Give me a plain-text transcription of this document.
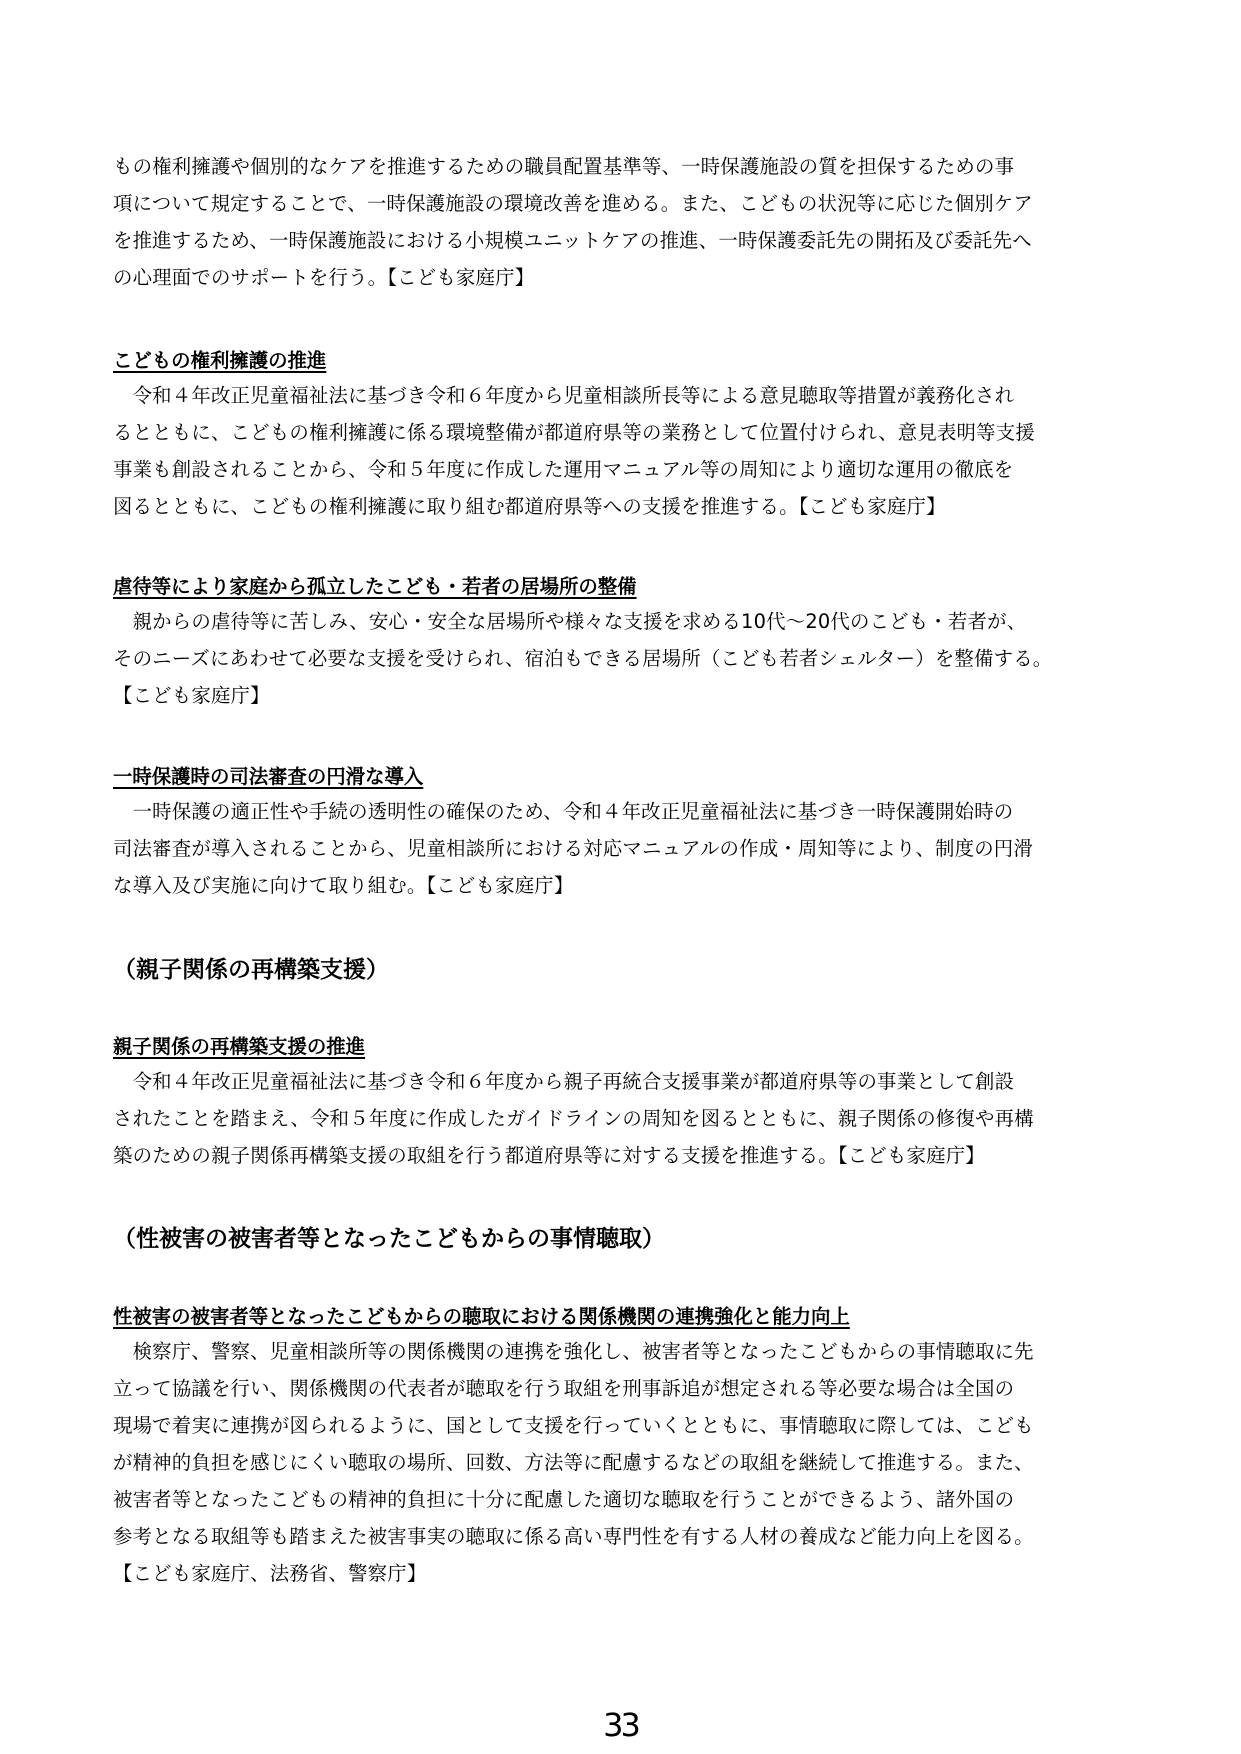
もの権利擁護や個別的なケアを推進するための職員配置基準等、一時保護施設の質を担保するための事
項について規定することで、一時保護施設の環境改善を進める。また、こどもの状況等に応じた個別ケア
を推進するため、一時保護施設における小規模ユニットケアの推進、一時保護委託先の開拓及び委託先へ
の心理面でのサポートを行う。【こども家庭庁】

こどもの権利擁護の推進

　令和４年改正児童福祉法に基づき令和６年度から児童相談所長等による意見聴取等措置が義務化され
るとともに、こどもの権利擁護に係る環境整備が都道府県等の業務として位置付けられ、意見表明等支援
事業も創設されることから、令和５年度に作成した運用マニュアル等の周知により適切な運用の徹底を
図るとともに、こどもの権利擁護に取り組む都道府県等への支援を推進する。【こども家庭庁】

虐待等により家庭から孤立したこども・若者の居場所の整備

　親からの虐待等に苦しみ、安心・安全な居場所や様々な支援を求める10代〜20代のこども・若者が、
そのニーズにあわせて必要な支援を受けられ、宿泊もできる居場所（こども若者シェルター）を整備する。
【こども家庭庁】

一時保護時の司法審査の円滑な導入

　一時保護の適正性や手続の透明性の確保のため、令和４年改正児童福祉法に基づき一時保護開始時の
司法審査が導入されることから、児童相談所における対応マニュアルの作成・周知等により、制度の円滑
な導入及び実施に向けて取り組む。【こども家庭庁】

（親子関係の再構築支援）
親子関係の再構築支援の推進

　令和４年改正児童福祉法に基づき令和６年度から親子再統合支援事業が都道府県等の事業として創設
されたことを踏まえ、令和５年度に作成したガイドラインの周知を図るとともに、親子関係の修復や再構
築のための親子関係再構築支援の取組を行う都道府県等に対する支援を推進する。【こども家庭庁】

（性被害の被害者等となったこどもからの事情聴取）
性被害の被害者等となったこどもからの聴取における関係機関の連携強化と能力向上

　検察庁、警察、児童相談所等の関係機関の連携を強化し、被害者等となったこどもからの事情聴取に先
立って協議を行い、関係機関の代表者が聴取を行う取組を刑事訴追が想定される等必要な場合は全国の
現場で着実に連携が図られるように、国として支援を行っていくとともに、事情聴取に際しては、こども
が精神的負担を感じにくい聴取の場所、回数、方法等に配慮するなどの取組を継続して推進する。また、
被害者等となったこどもの精神的負担に十分に配慮した適切な聴取を行うことができるよう、諸外国の
参考となる取組等も踏まえた被害事実の聴取に係る高い専門性を有する人材の養成など能力向上を図る。
【こども家庭庁、法務省、警察庁】

33
